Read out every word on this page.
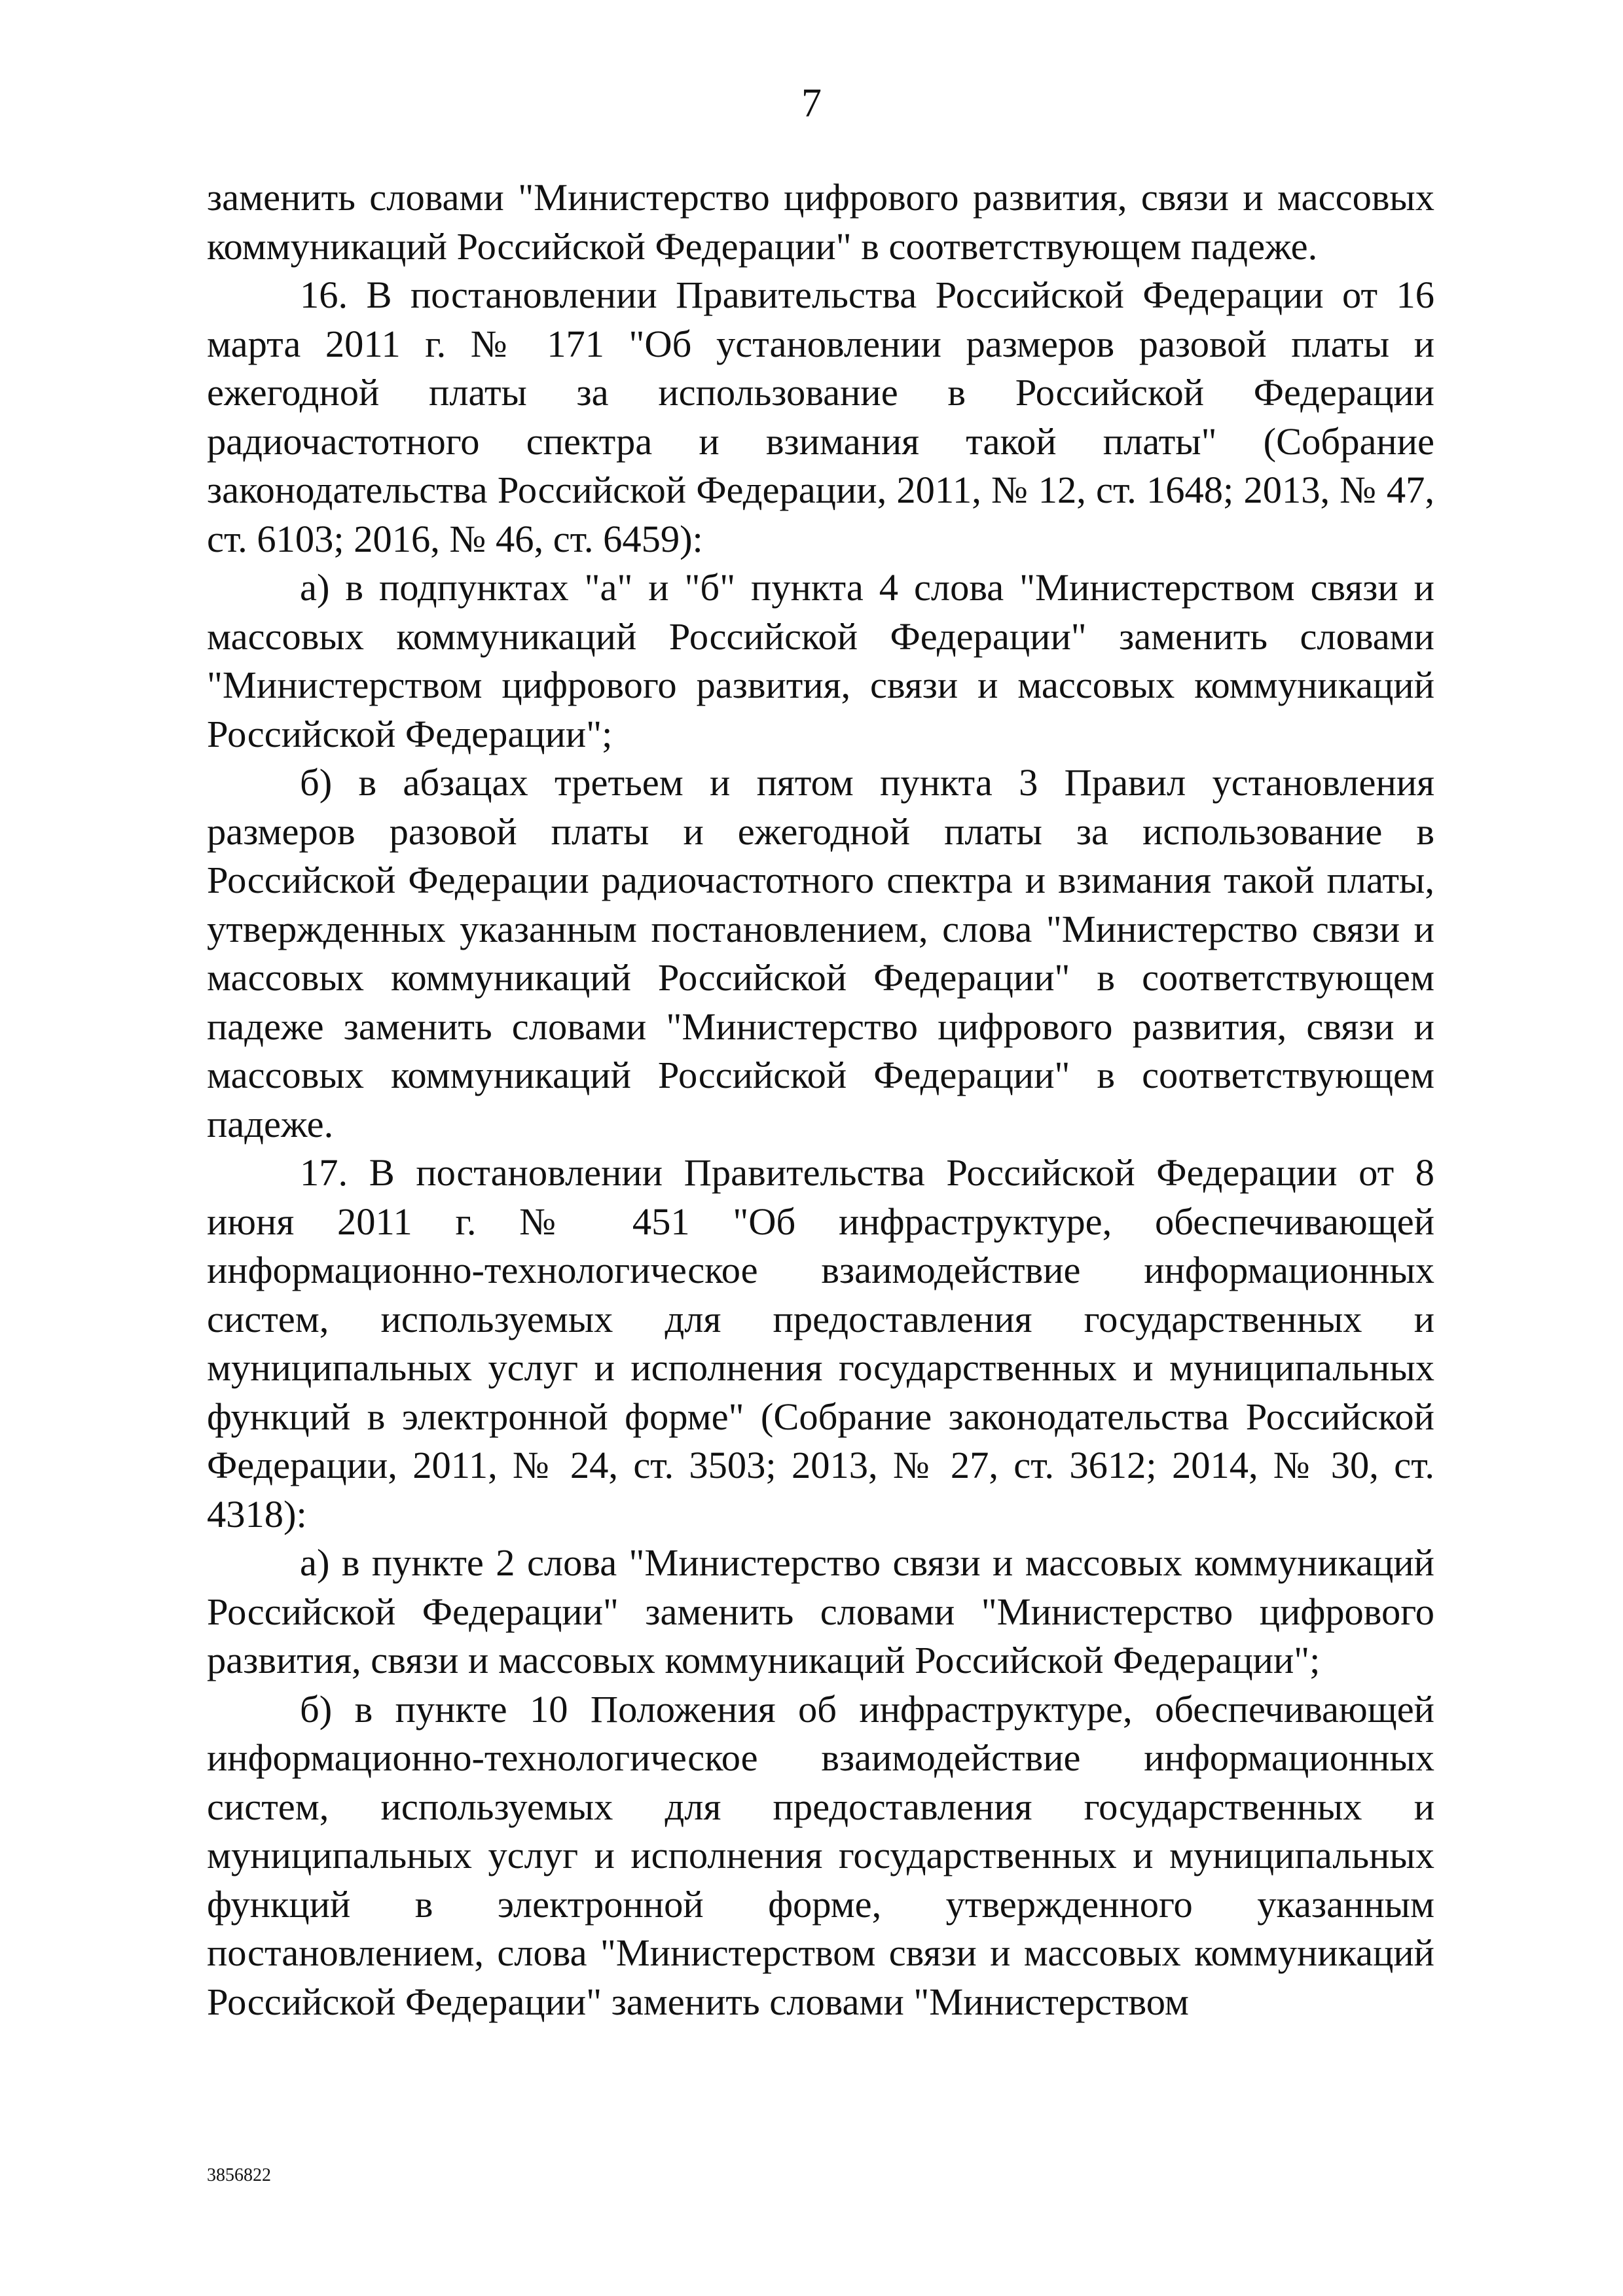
7

заменить словами "Министерство цифрового развития, связи и массовых коммуникаций Российской Федерации" в соответствующем падеже.

16. В постановлении Правительства Российской Федерации от 16 марта 2011 г. № 171 "Об установлении размеров разовой платы и ежегодной платы за использование в Российской Федерации радиочастотного спектра и взимания такой платы" (Собрание законодательства Российской Федерации, 2011, № 12, ст. 1648; 2013, № 47, ст. 6103; 2016, № 46, ст. 6459):

а) в подпунктах "а" и "б" пункта 4 слова "Министерством связи и массовых коммуникаций Российской Федерации" заменить словами "Министерством цифрового развития, связи и массовых коммуникаций Российской Федерации";

б) в абзацах третьем и пятом пункта 3 Правил установления размеров разовой платы и ежегодной платы за использование в Российской Федерации радиочастотного спектра и взимания такой платы, утвержденных указанным постановлением, слова "Министерство связи и массовых коммуникаций Российской Федерации" в соответствующем падеже заменить словами "Министерство цифрового развития, связи и массовых коммуникаций Российской Федерации" в соответствующем падеже.

17. В постановлении Правительства Российской Федерации от 8 июня 2011 г. № 451 "Об инфраструктуре, обеспечивающей информационно-технологическое взаимодействие информационных систем, используемых для предоставления государственных и муниципальных услуг и исполнения государственных и муниципальных функций в электронной форме" (Собрание законодательства Российской Федерации, 2011, № 24, ст. 3503; 2013, № 27, ст. 3612; 2014, № 30, ст. 4318):

а) в пункте 2 слова "Министерство связи и массовых коммуникаций Российской Федерации" заменить словами "Министерство цифрового развития, связи и массовых коммуникаций Российской Федерации";

б) в пункте 10 Положения об инфраструктуре, обеспечивающей информационно-технологическое взаимодействие информационных систем, используемых для предоставления государственных и муниципальных услуг и исполнения государственных и муниципальных функций в электронной форме, утвержденного указанным постановлением, слова "Министерством связи и массовых коммуникаций Российской Федерации" заменить словами "Министерством

3856822
